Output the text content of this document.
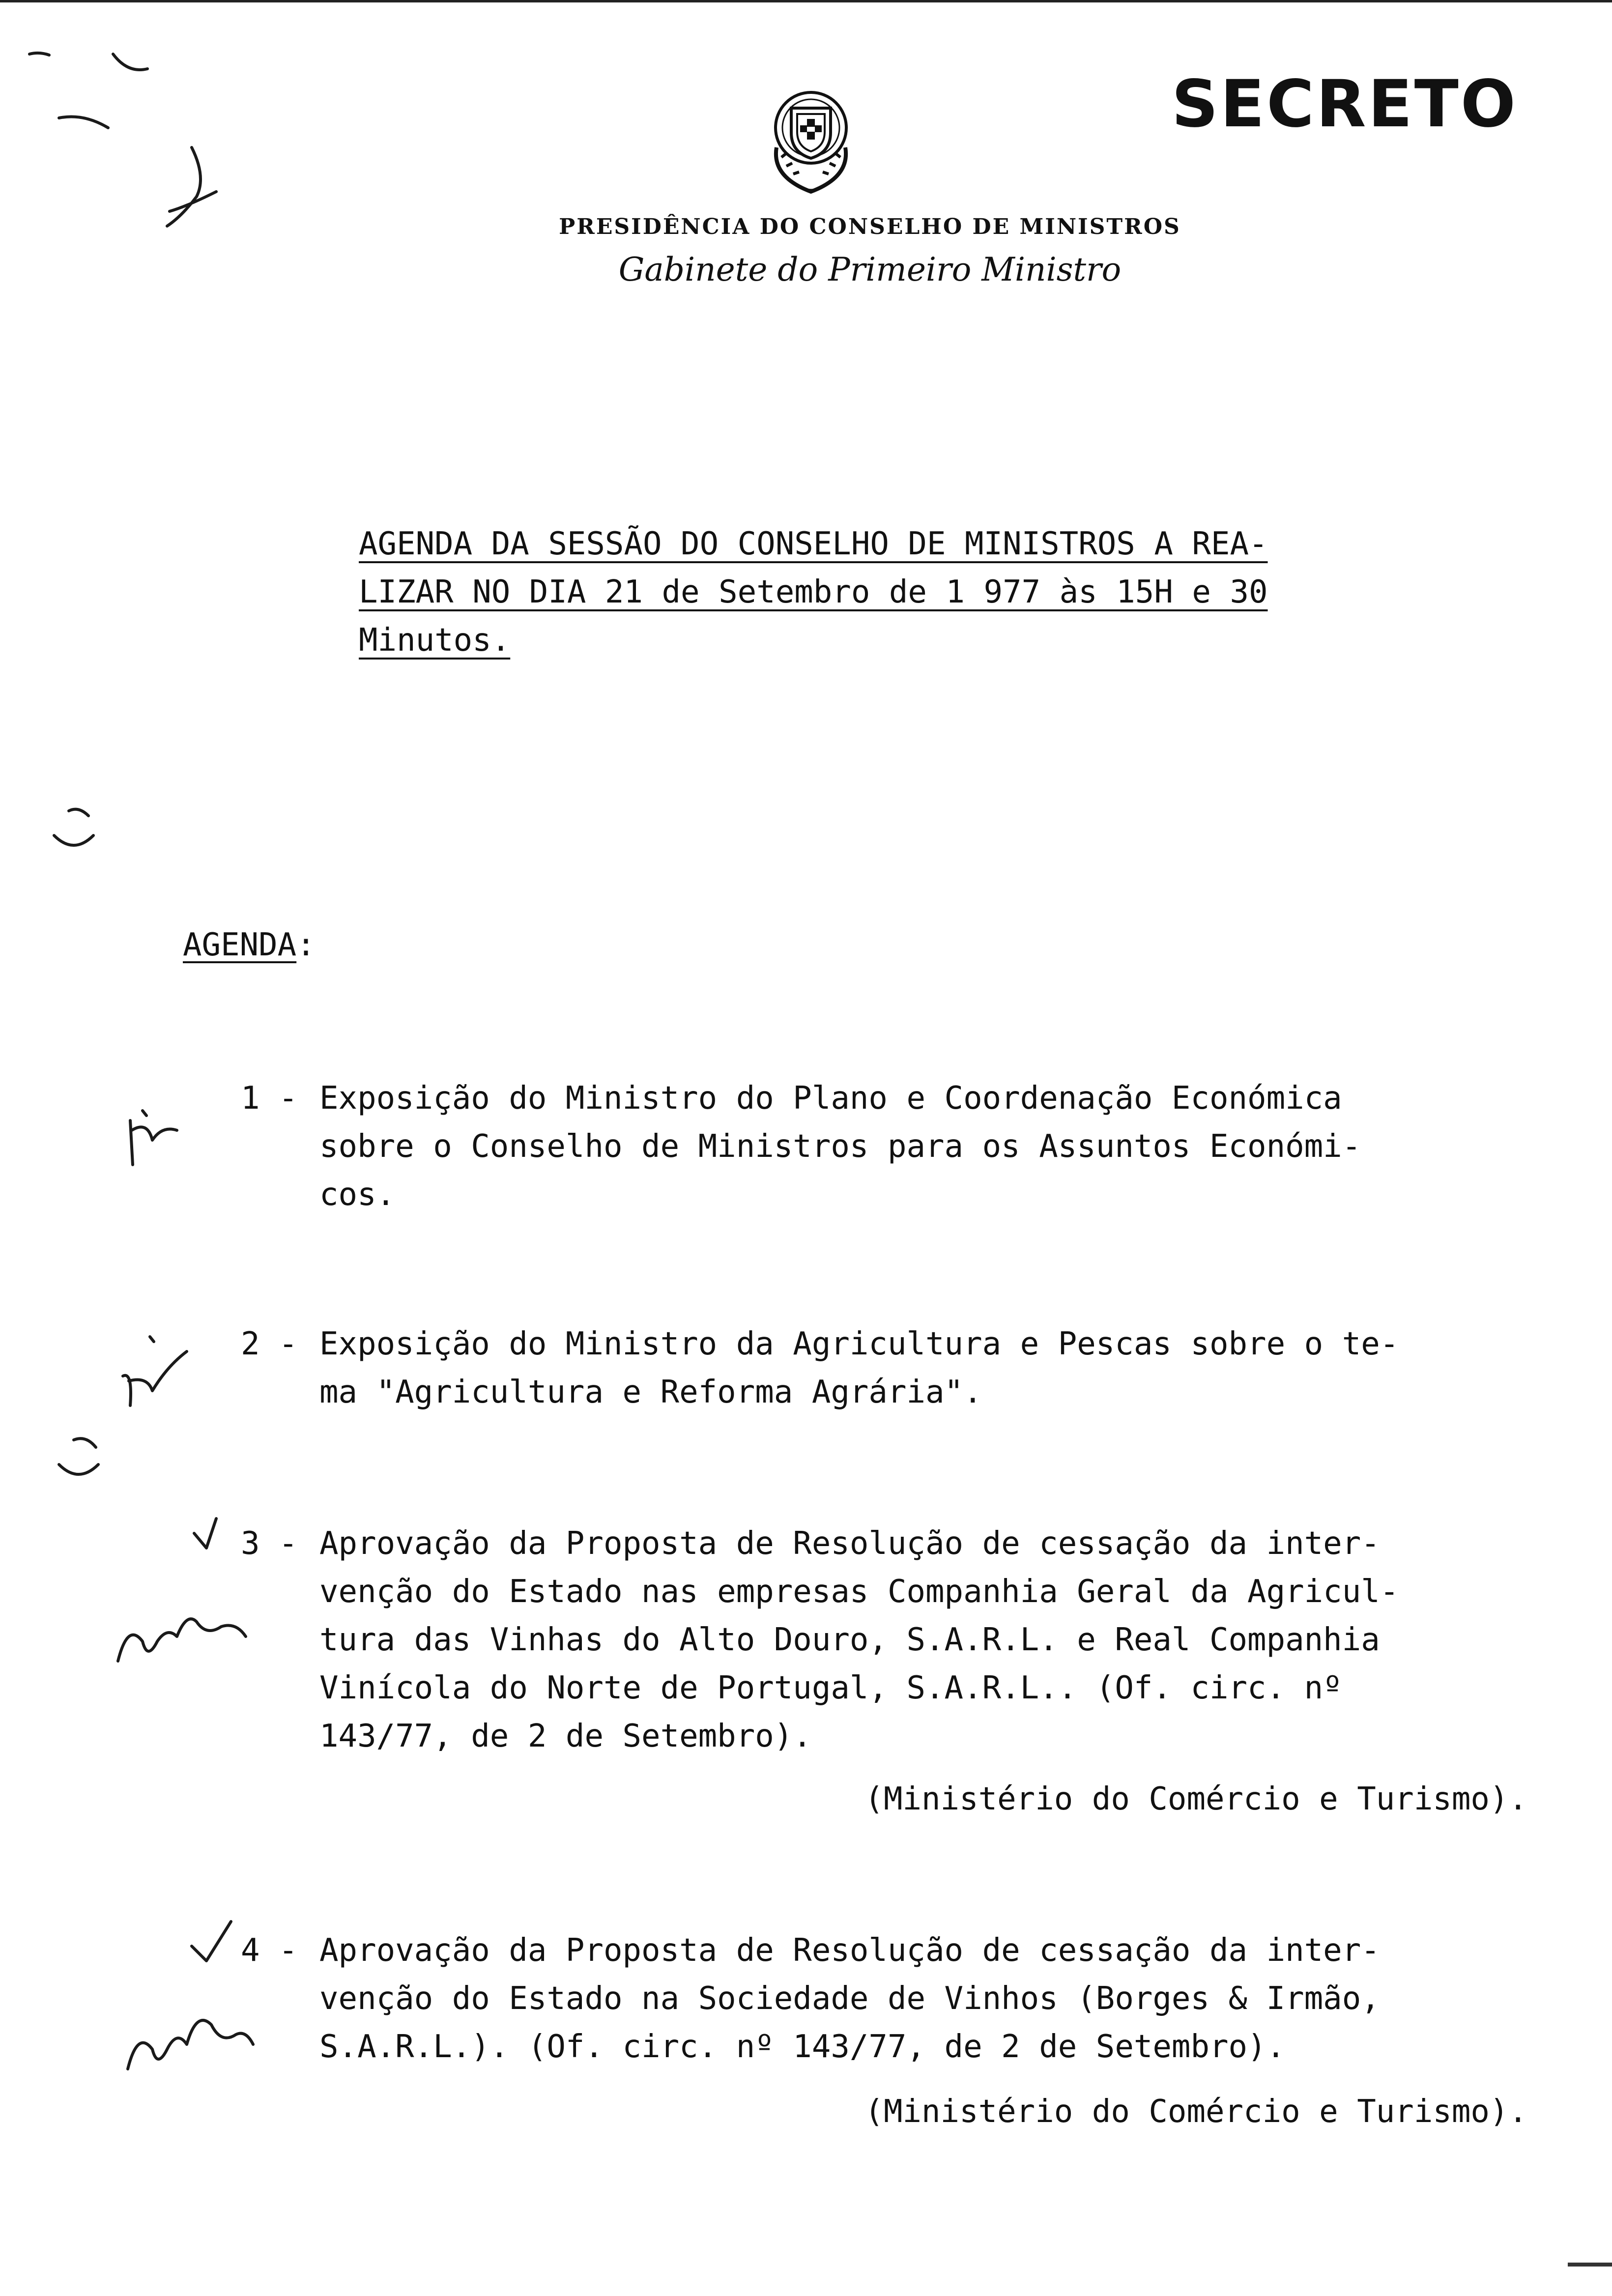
SECRETO
PRESIDÊNCIA DO CONSELHO DE MINISTROS
Gabinete do Primeiro Ministro
AGENDA DA SESSÃO DO CONSELHO DE MINISTROS A REA-
LIZAR NO DIA 21 de Setembro de 1 977 às 15H e 30
Minutos.
AGENDA:
1 - Exposição do Ministro do Plano e Coordenação Económica
sobre o Conselho de Ministros para os Assuntos Económi-
cos.
2 - Exposição do Ministro da Agricultura e Pescas sobre o te-
ma "Agricultura e Reforma Agrária".
3 - Aprovação da Proposta de Resolução de cessação da inter-
venção do Estado nas empresas Companhia Geral da Agricul-
tura das Vinhas do Alto Douro, S.A.R.L. e Real Companhia
Vinícola do Norte de Portugal, S.A.R.L.. (Of. circ. nº
143/77, de 2 de Setembro).
(Ministério do Comércio e Turismo).
4 - Aprovação da Proposta de Resolução de cessação da inter-
venção do Estado na Sociedade de Vinhos (Borges & Irmão,
S.A.R.L.). (Of. circ. nº 143/77, de 2 de Setembro).
(Ministério do Comércio e Turismo).
